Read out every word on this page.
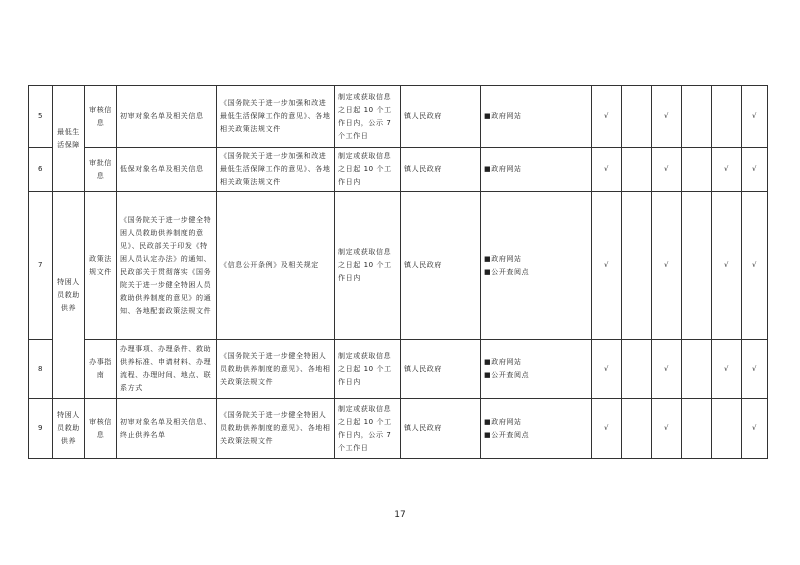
5	最低生活保障	审核信息	初审对象名单及相关信息	《国务院关于进一步加强和改进最低生活保障工作的意见》、各地相关政策法规文件	制定或获取信息之日起 10 个工作日内，公示 7 个工作日	镇人民政府	■政府网站	√		√			√
6		审批信息	低保对象名单及相关信息	《国务院关于进一步加强和改进最低生活保障工作的意见》、各地相关政策法规文件	制定或获取信息之日起 10 个工作日内	镇人民政府	■政府网站	√		√		√	√
7	特困人员救助供养	政策法规文件	《国务院关于进一步健全特困人员救助供养制度的意见》、民政部关于印发《特困人员认定办法》的通知、民政部关于贯彻落实《国务院关于进一步健全特困人员救助供养制度的意见》的通知、各地配套政策法规文件	《信息公开条例》及相关规定	制定或获取信息之日起 10 个工作日内	镇人民政府	■政府网站
■公开查阅点	√		√		√	√
8		办事指南	办理事项、办理条件、救助供养标准、申请材料、办理流程、办理时间、地点、联系方式	《国务院关于进一步健全特困人员救助供养制度的意见》、各地相关政策法规文件	制定或获取信息之日起 10 个工作日内	镇人民政府	■政府网站
■公开查阅点	√		√		√	√
9	特困人员救助供养	审核信息	初审对象名单及相关信息、终止供养名单	《国务院关于进一步健全特困人员救助供养制度的意见》、各地相关政策法规文件	制定或获取信息之日起 10 个工作日内，公示 7 个工作日	镇人民政府	■政府网站
■公开查阅点	√		√			√
17
